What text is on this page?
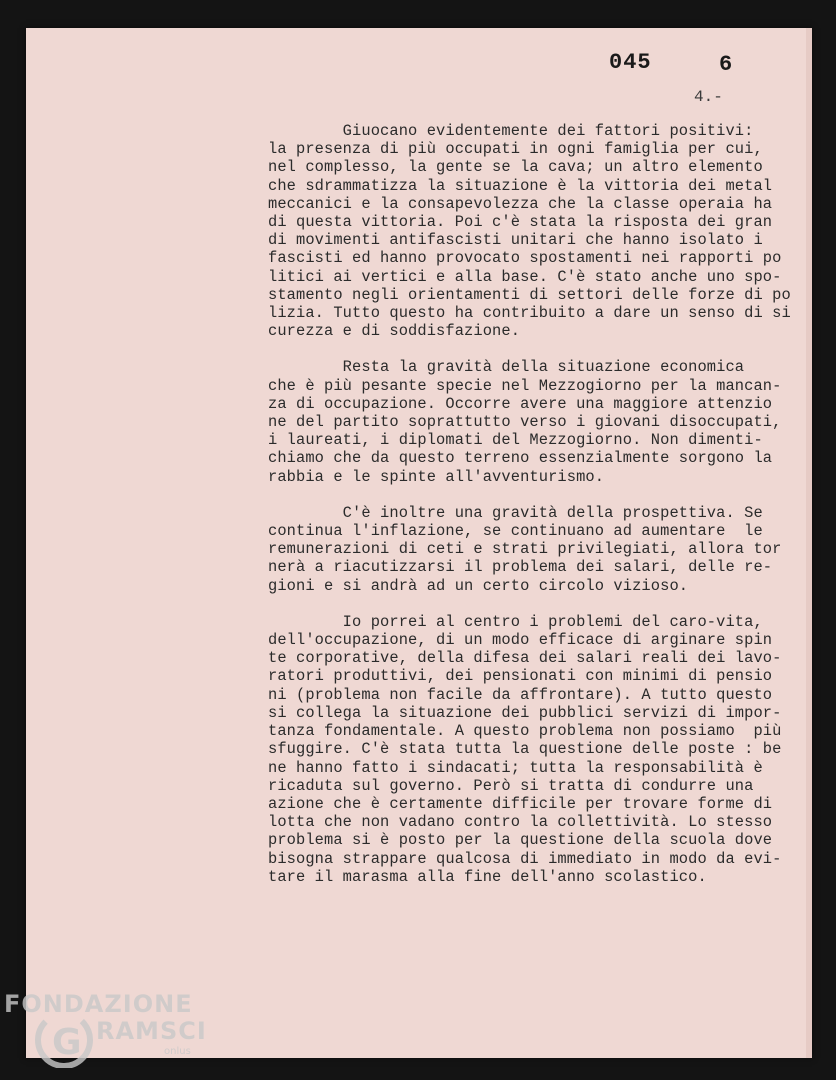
045	6
4.-
Giuocano evidentemente dei fattori positivi:
la presenza di più occupati in ogni famiglia per cui,
nel complesso, la gente se la cava; un altro elemento
che sdrammatizza la situazione è la vittoria dei metal
meccanici e la consapevolezza che la classe operaia ha
di questa vittoria. Poi c'è stata la risposta dei gran
di movimenti antifascisti unitari che hanno isolato i
fascisti ed hanno provocato spostamenti nei rapporti po
litici ai vertici e alla base. C'è stato anche uno spo-
stamento negli orientamenti di settori delle forze di po
lizia. Tutto questo ha contribuito a dare un senso di si
curezza e di soddisfazione.
Resta la gravità della situazione economica
che è più pesante specie nel Mezzogiorno per la mancan-
za di occupazione. Occorre avere una maggiore attenzio
ne del partito soprattutto verso i giovani disoccupati,
i laureati, i diplomati del Mezzogiorno. Non dimenti-
chiamo che da questo terreno essenzialmente sorgono la
rabbia e le spinte all'avventurismo.
C'è inoltre una gravità della prospettiva. Se
continua l'inflazione, se continuano ad aumentare  le
remunerazioni di ceti e strati privilegiati, allora tor
nerà a riacutizzarsi il problema dei salari, delle re-
gioni e si andrà ad un certo circolo vizioso.
Io porrei al centro i problemi del caro-vita,
dell'occupazione, di un modo efficace di arginare spin
te corporative, della difesa dei salari reali dei lavo-
ratori produttivi, dei pensionati con minimi di pensio
ni (problema non facile da affrontare). A tutto questo
si collega la situazione dei pubblici servizi di impor-
tanza fondamentale. A questo problema non possiamo  più
sfuggire. C'è stata tutta la questione delle poste : be
ne hanno fatto i sindacati; tutta la responsabilità è
ricaduta sul governo. Però si tratta di condurre una
azione che è certamente difficile per trovare forme di
lotta che non vadano contro la collettività. Lo stesso
problema si è posto per la questione della scuola dove
bisogna strappare qualcosa di immediato in modo da evi-
tare il marasma alla fine dell'anno scolastico.
FONDAZIONE
G RAMSCI
onlus
